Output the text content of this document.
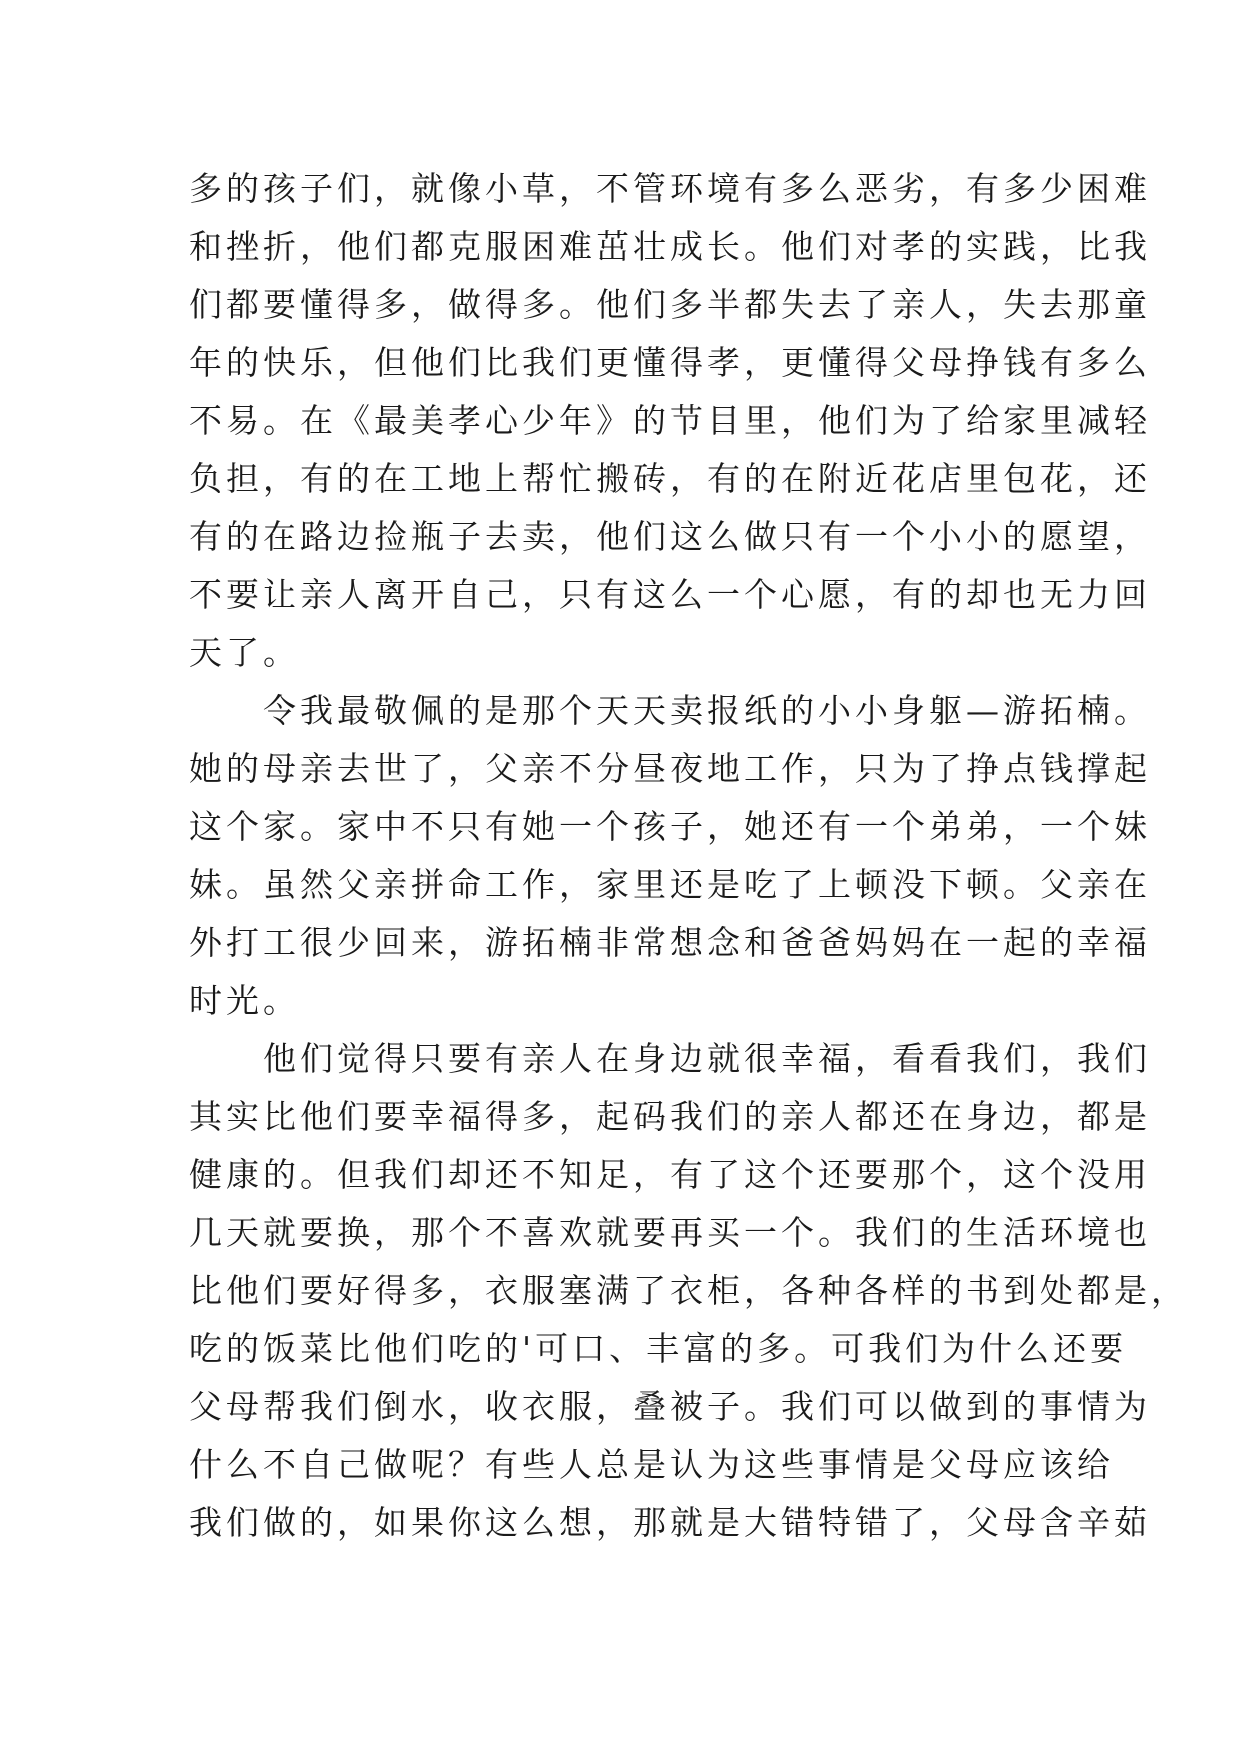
多的孩子们，就像小草，不管环境有多么恶劣，有多少困难
和挫折，他们都克服困难茁壮成长。他们对孝的实践，比我
们都要懂得多，做得多。他们多半都失去了亲人，失去那童
年的快乐，但他们比我们更懂得孝，更懂得父母挣钱有多么
不易。在《最美孝心少年》的节目里，他们为了给家里减轻
负担，有的在工地上帮忙搬砖，有的在附近花店里包花，还
有的在路边捡瓶子去卖，他们这么做只有一个小小的愿望，
不要让亲人离开自己，只有这么一个心愿，有的却也无力回
天了。
　　令我最敬佩的是那个天天卖报纸的小小身躯—游拓楠。
她的母亲去世了，父亲不分昼夜地工作，只为了挣点钱撑起
这个家。家中不只有她一个孩子，她还有一个弟弟，一个妹
妹。虽然父亲拼命工作，家里还是吃了上顿没下顿。父亲在
外打工很少回来，游拓楠非常想念和爸爸妈妈在一起的幸福
时光。
　　他们觉得只要有亲人在身边就很幸福，看看我们，我们
其实比他们要幸福得多，起码我们的亲人都还在身边，都是
健康的。但我们却还不知足，有了这个还要那个，这个没用
几天就要换，那个不喜欢就要再买一个。我们的生活环境也
比他们要好得多，衣服塞满了衣柜，各种各样的书到处都是，
吃的饭菜比他们吃的'可口、丰富的多。可我们为什么还要
父母帮我们倒水，收衣服，叠被子。我们可以做到的事情为
什么不自己做呢？有些人总是认为这些事情是父母应该给
我们做的，如果你这么想，那就是大错特错了，父母含辛茹
